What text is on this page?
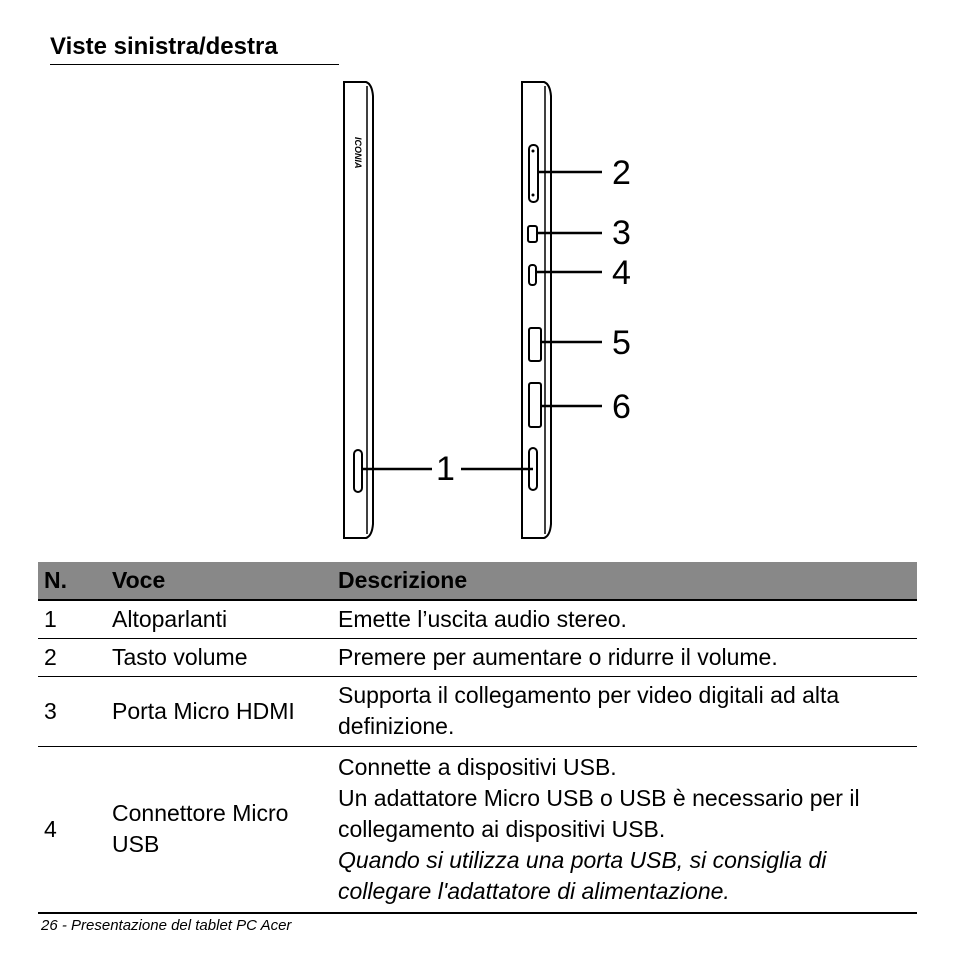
Viste sinistra/destra
ICONIA
2
3
4
5
6
1
N.	Voce	Descrizione
1	Altoparlanti	Emette l’uscita audio stereo.
2	Tasto volume	Premere per aumentare o ridurre il volume.
3	Porta Micro HDMI	Supporta il collegamento per video digitali ad alta definizione.
4	Connettore Micro USB	Connette a dispositivi USB.
Un adattatore Micro USB o USB è necessario per il collegamento ai dispositivi USB.
Quando si utilizza una porta USB, si consiglia di collegare l'adattatore di alimentazione.
26 - Presentazione del tablet PC Acer
